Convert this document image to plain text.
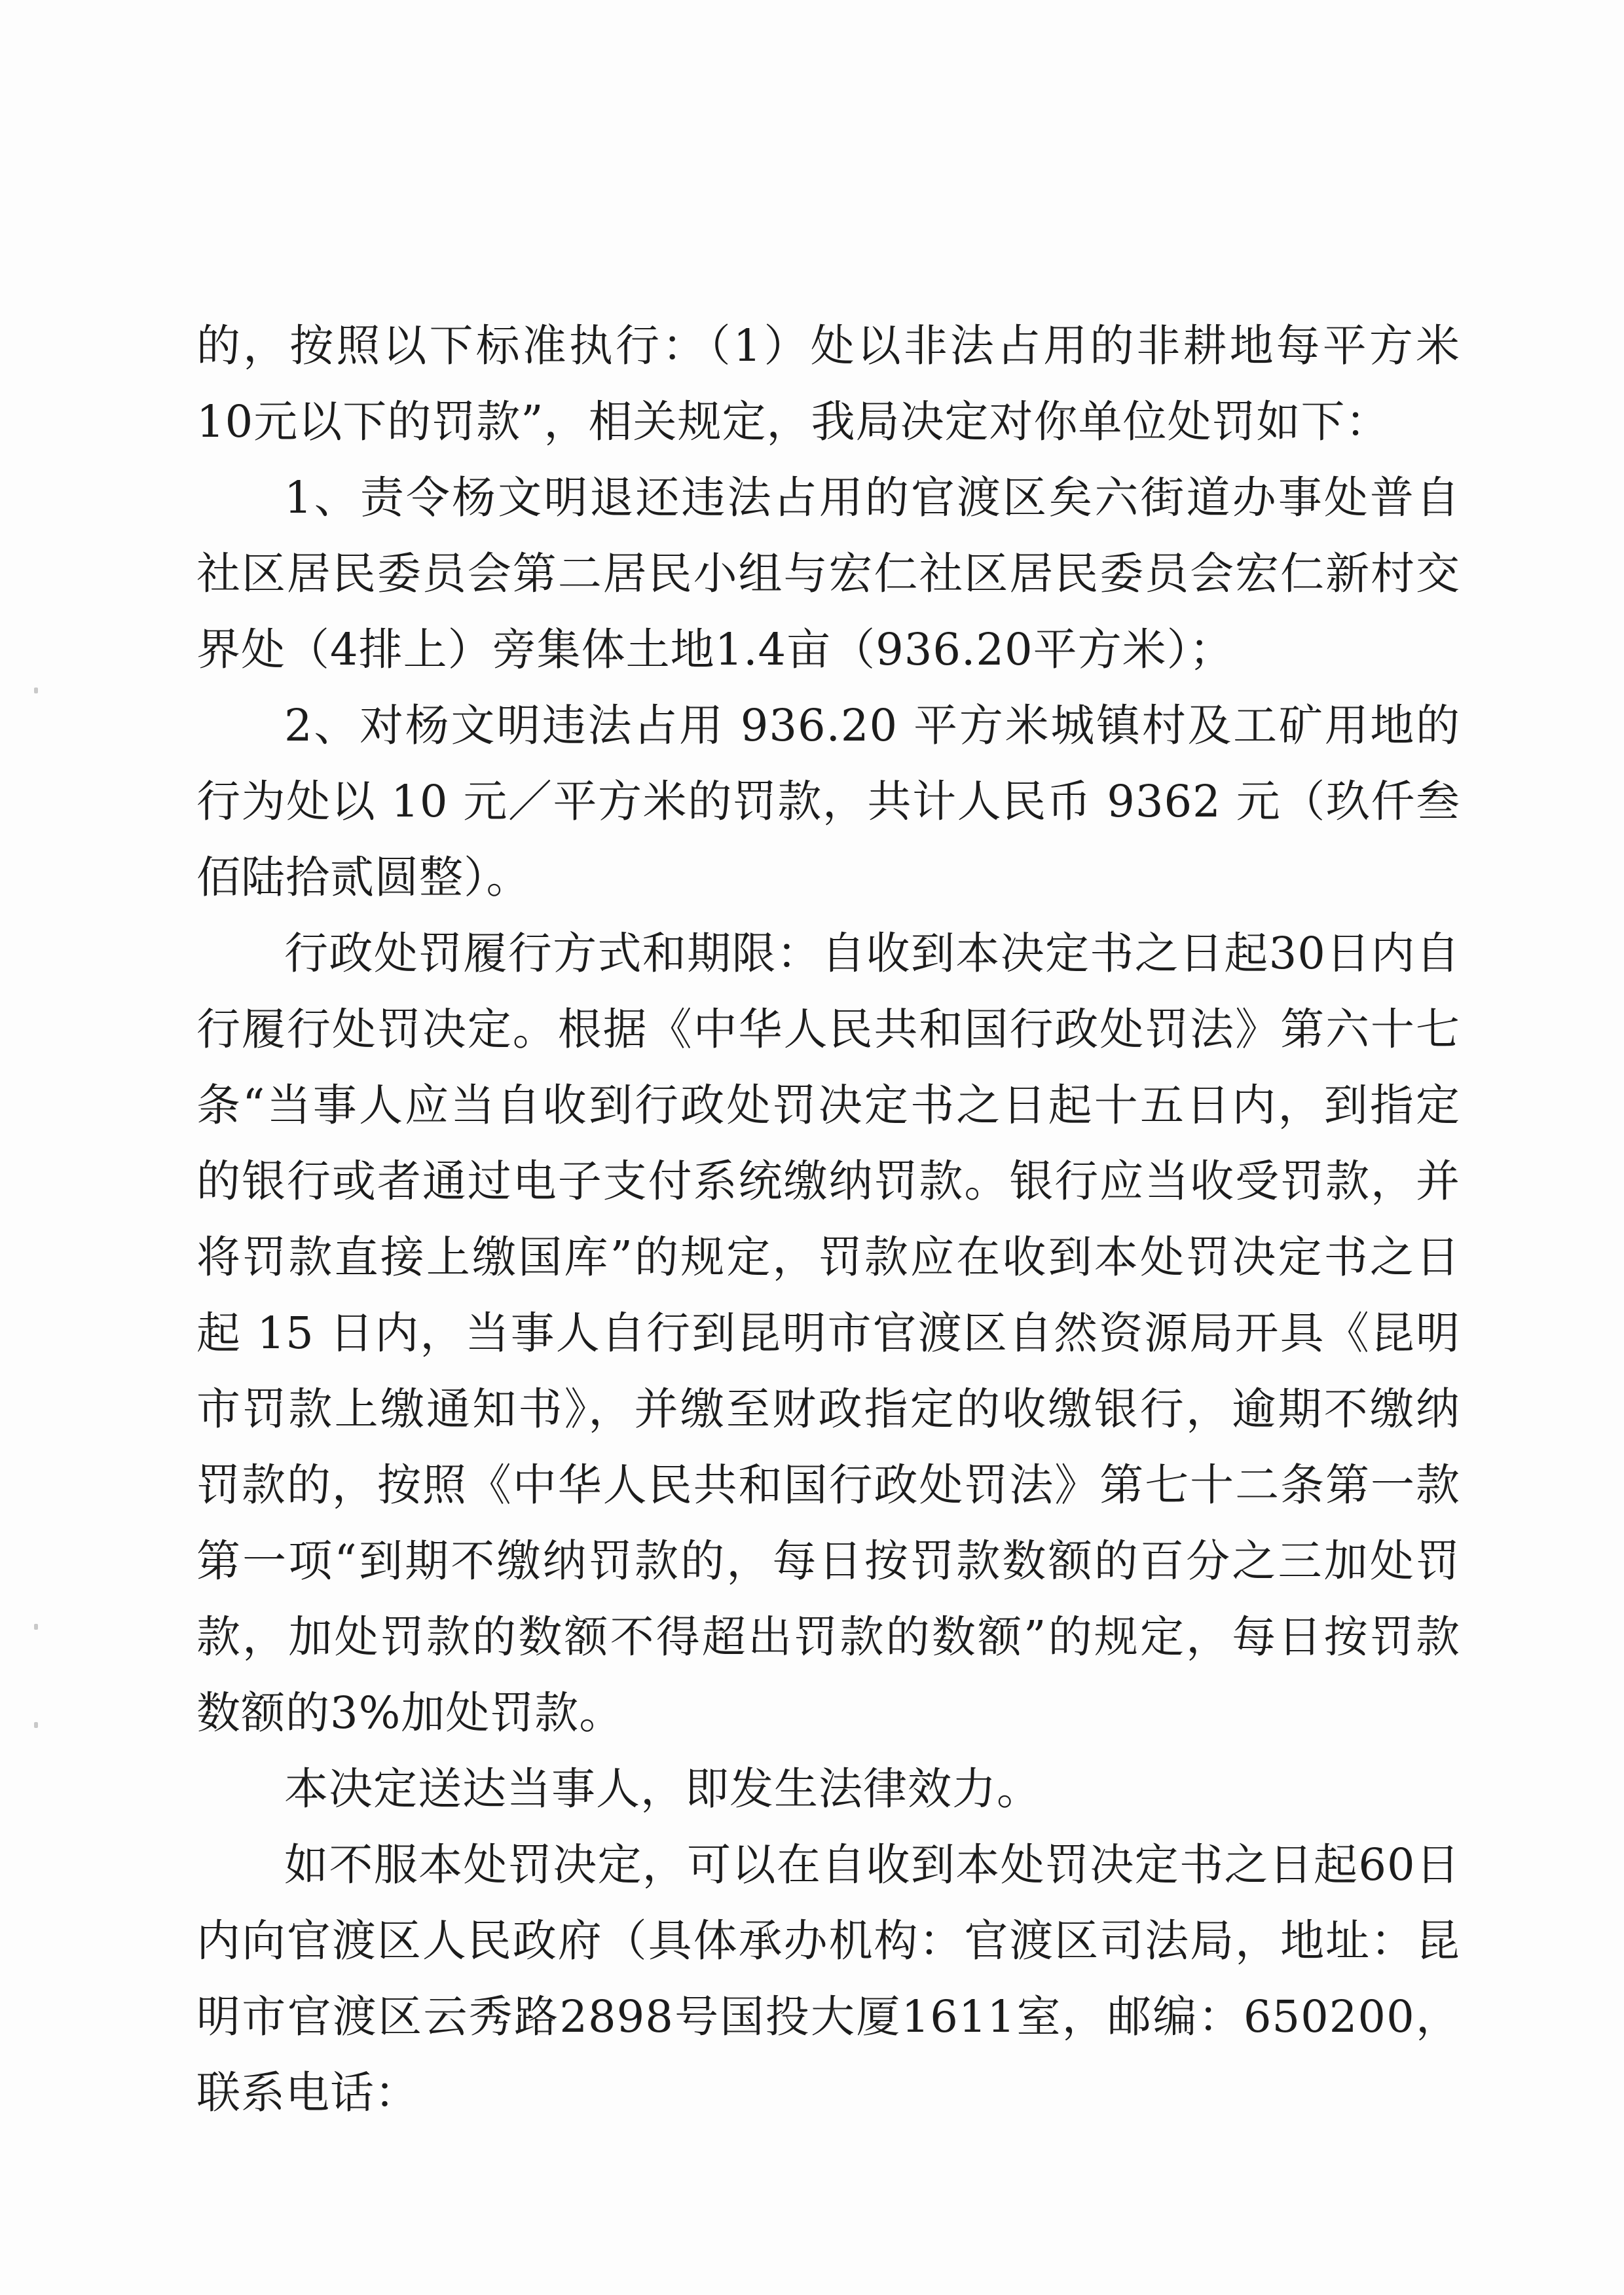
的，按照以下标准执行：（1）处以非法占用的非耕地每平方米10元以下的罚款”，相关规定，我局决定对你单位处罚如下：

1、责令杨文明退还违法占用的官渡区矣六街道办事处普自社区居民委员会第二居民小组与宏仁社区居民委员会宏仁新村交界处（4排上）旁集体土地1.4亩（936.20平方米）；

2、对杨文明违法占用 936.20 平方米城镇村及工矿用地的行为处以 10 元／平方米的罚款，共计人民币 9362 元（玖仟叁佰陆拾贰圆整）。

行政处罚履行方式和期限：自收到本决定书之日起30日内自行履行处罚决定。根据《中华人民共和国行政处罚法》第六十七条“当事人应当自收到行政处罚决定书之日起十五日内，到指定的银行或者通过电子支付系统缴纳罚款。银行应当收受罚款，并将罚款直接上缴国库”的规定，罚款应在收到本处罚决定书之日起 15 日内，当事人自行到昆明市官渡区自然资源局开具《昆明市罚款上缴通知书》，并缴至财政指定的收缴银行，逾期不缴纳罚款的，按照《中华人民共和国行政处罚法》第七十二条第一款第一项“到期不缴纳罚款的，每日按罚款数额的百分之三加处罚款，加处罚款的数额不得超出罚款的数额”的规定，每日按罚款数额的3%加处罚款。

本决定送达当事人，即发生法律效力。

如不服本处罚决定，可以在自收到本处罚决定书之日起60日内向官渡区人民政府（具体承办机构：官渡区司法局，地址：昆明市官渡区云秀路2898号国投大厦1611室，邮编：650200，联系电话：
